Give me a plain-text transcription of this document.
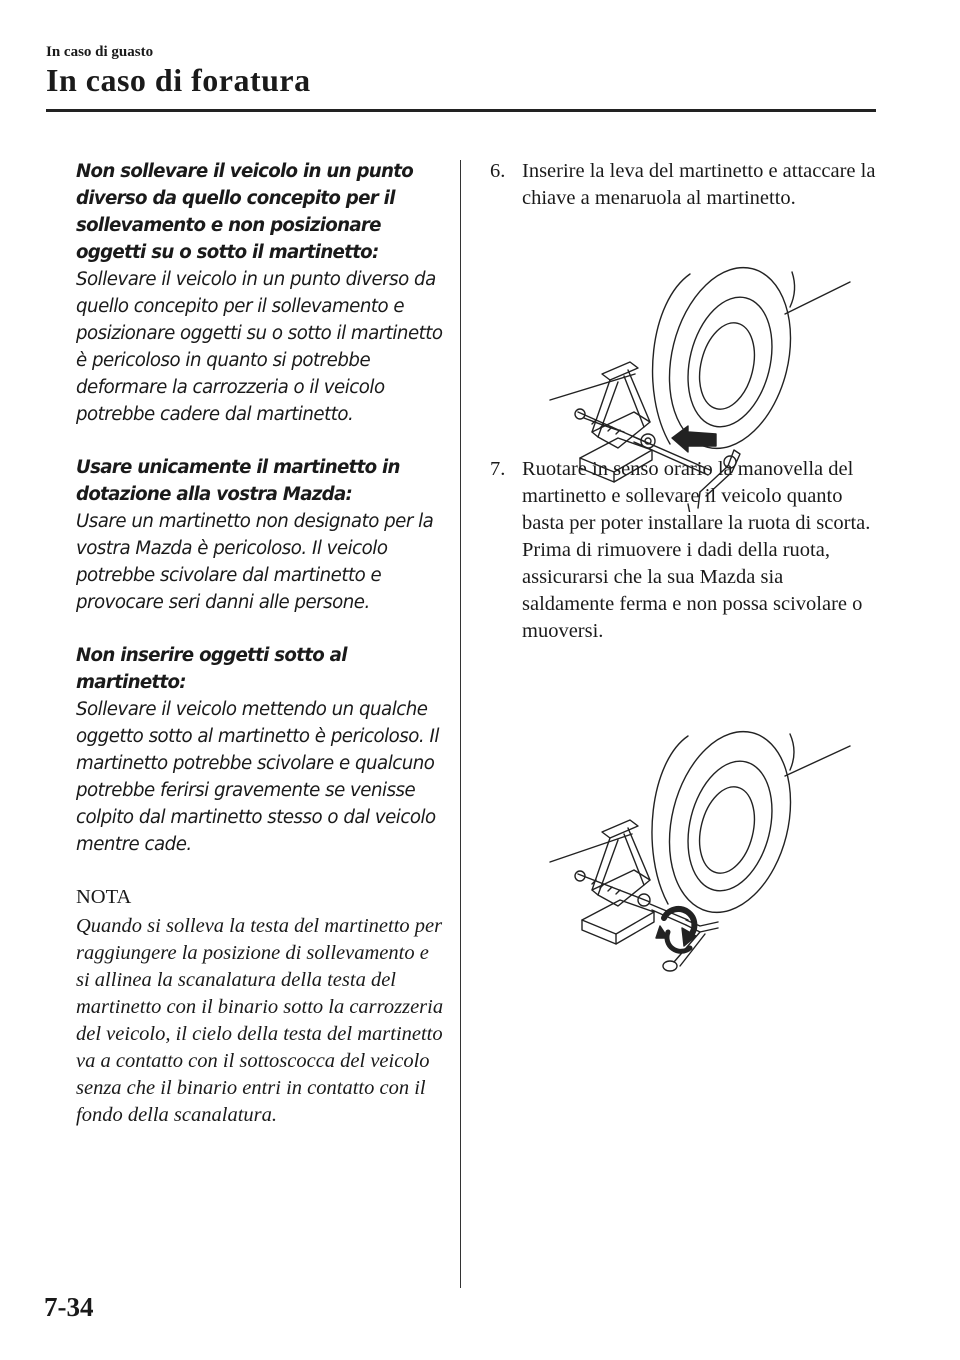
In caso di guasto
In caso di foratura
Non sollevare il veicolo in un punto diverso da quello concepito per il sollevamento e non posizionare oggetti su o sotto il martinetto:
Sollevare il veicolo in un punto diverso da quello concepito per il sollevamento e posizionare oggetti su o sotto il martinetto è pericoloso in quanto si potrebbe deformare la carrozzeria o il veicolo potrebbe cadere dal martinetto.
Usare unicamente il martinetto in dotazione alla vostra Mazda:
Usare un martinetto non designato per la vostra Mazda è pericoloso. Il veicolo potrebbe scivolare dal martinetto e provocare seri danni alle persone.
Non inserire oggetti sotto al martinetto:
Sollevare il veicolo mettendo un qualche oggetto sotto al martinetto è pericoloso. Il martinetto potrebbe scivolare e qualcuno potrebbe ferirsi gravemente se venisse colpito dal martinetto stesso o dal veicolo mentre cade.
NOTA
Quando si solleva la testa del martinetto per raggiungere la posizione di sollevamento e si allinea la scanalatura della testa del martinetto con il binario sotto la carrozzeria del veicolo, il cielo della testa del martinetto va a contatto con il sottoscocca del veicolo senza che il binario entri in contatto con il fondo della scanalatura.
6. Inserire la leva del martinetto e attaccare la chiave a menaruola al martinetto.
7. Ruotare in senso orario la manovella del martinetto e sollevare il veicolo quanto basta per poter installare la ruota di scorta. Prima di rimuovere i dadi della ruota, assicurarsi che la sua Mazda sia saldamente ferma e non possa scivolare o muoversi.
7-34
